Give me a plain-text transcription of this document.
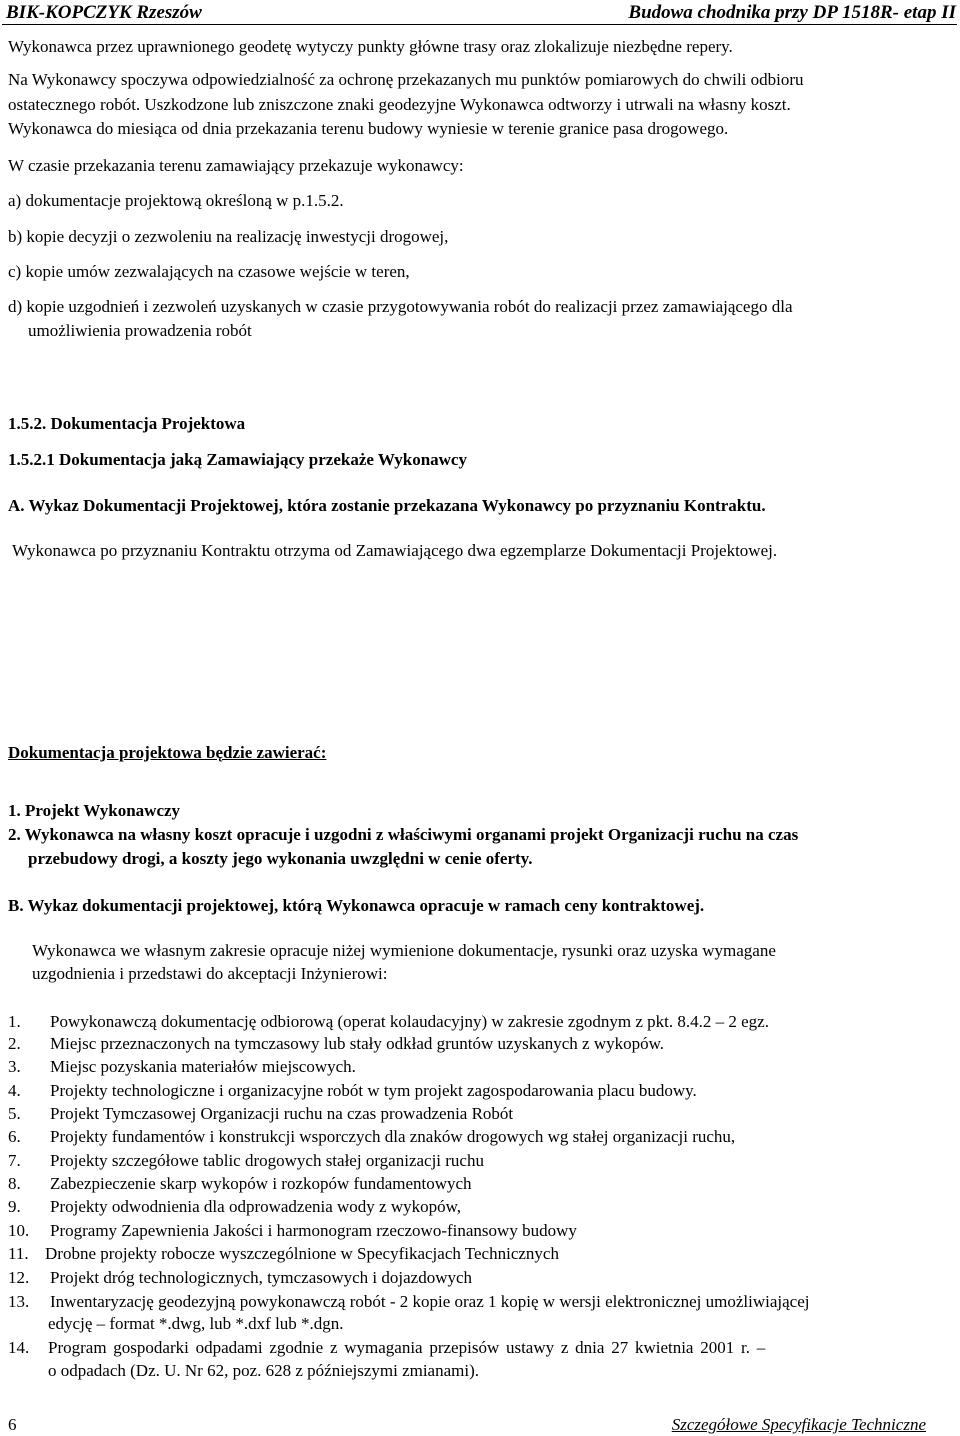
BIK-KOPCZYK Rzeszów	Budowa chodnika przy DP 1518R- etap II
Wykonawca przez uprawnionego geodetę wytyczy punkty główne trasy oraz zlokalizuje niezbędne repery.
Na Wykonawcy spoczywa odpowiedzialność za ochronę przekazanych mu punktów pomiarowych do chwili odbioru
ostatecznego robót. Uszkodzone lub zniszczone znaki geodezyjne Wykonawca odtworzy i utrwali na własny koszt.
Wykonawca do miesiąca od dnia przekazania terenu budowy wyniesie w terenie granice pasa drogowego.
W czasie przekazania terenu zamawiający przekazuje wykonawcy:
a) dokumentacje projektową określoną w p.1.5.2.
b) kopie decyzji o zezwoleniu na realizację inwestycji drogowej,
c) kopie umów zezwalających na czasowe wejście w teren,
d) kopie uzgodnień i zezwoleń uzyskanych w czasie przygotowywania robót do realizacji przez zamawiającego dla
umożliwienia prowadzenia robót
1.5.2. Dokumentacja Projektowa
1.5.2.1 Dokumentacja jaką Zamawiający przekaże Wykonawcy
A. Wykaz Dokumentacji Projektowej, która zostanie przekazana Wykonawcy po przyznaniu Kontraktu.
Wykonawca po przyznaniu Kontraktu otrzyma od Zamawiającego dwa egzemplarze Dokumentacji Projektowej.
Dokumentacja projektowa będzie zawierać:
1. Projekt Wykonawczy
2. Wykonawca na własny koszt opracuje i uzgodni z właściwymi organami projekt Organizacji ruchu na czas
przebudowy drogi, a koszty jego wykonania uwzględni w cenie oferty.
B. Wykaz dokumentacji projektowej, którą Wykonawca opracuje w ramach ceny kontraktowej.
Wykonawca we własnym zakresie opracuje niżej wymienione dokumentacje, rysunki oraz uzyska wymagane
uzgodnienia i przedstawi do akceptacji Inżynierowi:
1. Powykonawczą dokumentację odbiorową (operat kolaudacyjny) w zakresie zgodnym z pkt. 8.4.2 – 2 egz.
2. Miejsc przeznaczonych na tymczasowy lub stały odkład gruntów uzyskanych z wykopów.
3. Miejsc pozyskania materiałów miejscowych.
4. Projekty technologiczne i organizacyjne robót w tym projekt zagospodarowania placu budowy.
5. Projekt Tymczasowej Organizacji ruchu na czas prowadzenia Robót
6. Projekty fundamentów i konstrukcji wsporczych dla znaków drogowych wg stałej organizacji ruchu,
7. Projekty szczegółowe tablic drogowych stałej organizacji ruchu
8. Zabezpieczenie skarp wykopów i rozkopów fundamentowych
9. Projekty odwodnienia dla odprowadzenia wody z wykopów,
10. Programy Zapewnienia Jakości i harmonogram rzeczowo-finansowy budowy
11. Drobne projekty robocze wyszczególnione w Specyfikacjach Technicznych
12. Projekt dróg technologicznych, tymczasowych i dojazdowych
13. Inwentaryzację geodezyjną powykonawczą robót - 2 kopie oraz 1 kopię w wersji elektronicznej umożliwiającej
edycję – format *.dwg, lub *.dxf lub *.dgn.
14. Program gospodarki odpadami zgodnie z wymagania przepisów ustawy z dnia 27 kwietnia 2001 r. –
o odpadach (Dz. U. Nr 62, poz. 628 z późniejszymi zmianami).
6	Szczegółowe Specyfikacje Techniczne
